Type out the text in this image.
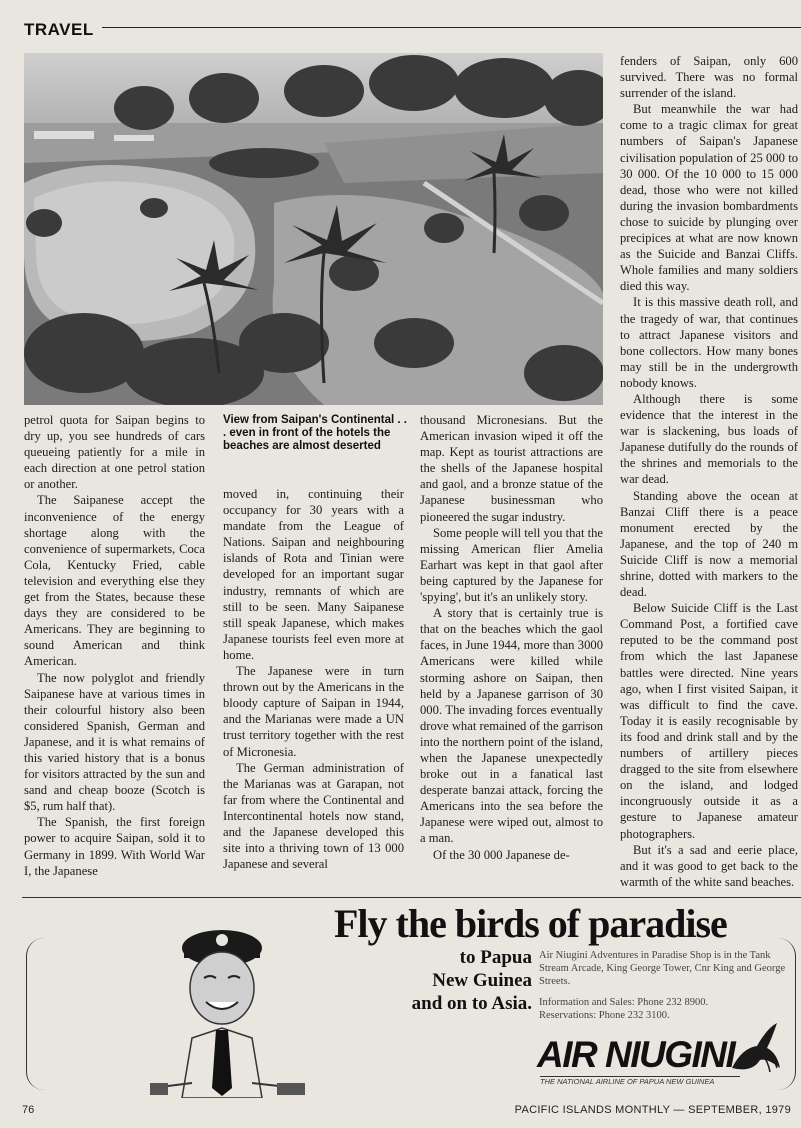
TRAVEL
View from Saipan's Continental . . . even in front of the hotels the beaches are almost deserted

petrol quota for Saipan begins to dry up, you see hundreds of cars queueing patiently for a mile in each direction at one petrol station or another.

The Saipanese accept the inconvenience of the energy shortage along with the convenience of supermarkets, Coca Cola, Kentucky Fried, cable television and everything else they get from the States, because these days they are considered to be Americans. They are beginning to sound American and think American.

The now polyglot and friendly Saipanese have at various times in their colourful history also been considered Spanish, German and Japanese, and it is what remains of this varied history that is a bonus for visitors attracted by the sun and sand and cheap booze (Scotch is $5, rum half that).

The Spanish, the first foreign power to acquire Saipan, sold it to Germany in 1899. With World War I, the Japanese

moved in, continuing their occupancy for 30 years with a mandate from the League of Nations. Saipan and neighbouring islands of Rota and Tinian were developed for an important sugar industry, remnants of which are still to be seen. Many Saipanese still speak Japanese, which makes Japanese tourists feel even more at home.

The Japanese were in turn thrown out by the Americans in the bloody capture of Saipan in 1944, and the Marianas were made a UN trust territory together with the rest of Micronesia.

The German administration of the Marianas was at Garapan, not far from where the Continental and Intercontinental hotels now stand, and the Japanese developed this site into a thriving town of 13 000 Japanese and several

thousand Micronesians. But the American invasion wiped it off the map. Kept as tourist attractions are the shells of the Japanese hospital and gaol, and a bronze statue of the Japanese businessman who pioneered the sugar industry.

Some people will tell you that the missing American flier Amelia Earhart was kept in that gaol after being captured by the Japanese for 'spying', but it's an unlikely story.

A story that is certainly true is that on the beaches which the gaol faces, in June 1944, more than 3000 Americans were killed while storming ashore on Saipan, then held by a Japanese garrison of 30 000. The invading forces eventually drove what remained of the garrison into the northern point of the island, when the Japanese unexpectedly broke out in a fanatical last desperate banzai attack, forcing the Americans into the sea before the Japanese were wiped out, almost to a man.

Of the 30 000 Japanese de-

fenders of Saipan, only 600 survived. There was no formal surrender of the island.

But meanwhile the war had come to a tragic climax for great numbers of Saipan's Japanese civilisation population of 25 000 to 30 000. Of the 10 000 to 15 000 dead, those who were not killed during the invasion bombardments chose to suicide by plunging over precipices at what are now known as the Suicide and Banzai Cliffs. Whole families and many soldiers died this way.

It is this massive death roll, and the tragedy of war, that continues to attract Japanese visitors and bone collectors. How many bones may still be in the undergrowth nobody knows.

Although there is some evidence that the interest in the war is slackening, bus loads of Japanese dutifully do the rounds of the shrines and memorials to the war dead.

Standing above the ocean at Banzai Cliff there is a peace monument erected by the Japanese, and the top of 240 m Suicide Cliff is now a memorial shrine, dotted with markers to the dead.

Below Suicide Cliff is the Last Command Post, a fortified cave reputed to be the command post from which the last Japanese battles were directed. Nine years ago, when I first visited Saipan, it was difficult to find the cave. Today it is easily recognisable by its food and drink stall and by the numbers of artillery pieces dragged to the site from elsewhere on the island, and lodged incongruously outside it as a gesture to Japanese amateur photographers.

But it's a sad and eerie place, and it was good to get back to the warmth of the white sand beaches.

Fly the birds of paradise
to Papua
New Guinea
and on to Asia.
Air Niugini Adventures in Paradise Shop is in the Tank Stream Arcade, King George Tower, Cnr King and George Streets.
Information and Sales: Phone 232 8900.
Reservations: Phone 232 3100.
AIR NIUGINI
THE NATIONAL AIRLINE OF PAPUA NEW GUINEA
76	PACIFIC ISLANDS MONTHLY — SEPTEMBER, 1979
